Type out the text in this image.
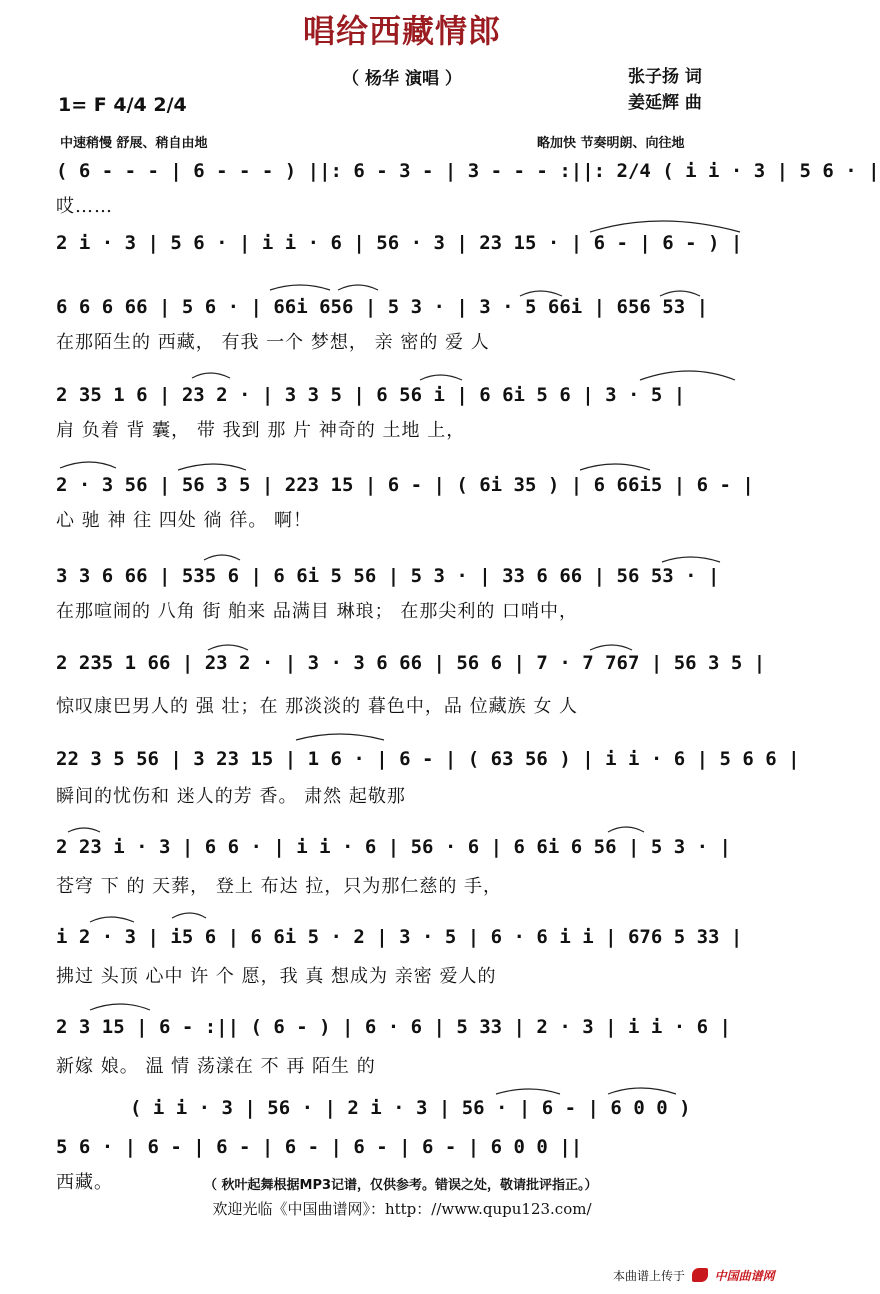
唱给西藏情郎
（ 杨华 演唱 ）	张子扬 词
姜延辉 曲
1= F 4/4 2/4
中速稍慢 舒展、稍自由地	略加快 节奏明朗、向往地
( 6 - - - | 6 - - - ) ||: 6 - 3 - | 3 - - - :||: 2/4 ( i i · 3 | 5 6 · |
哎……
2 i · 3 | 5 6 · | i i · 6 | 56 · 3 | 23 15 · | 6 - | 6 - ) |
6 6 6 66 | 5 6 · | 66i 656 | 5 3 · | 3 · 5 66i | 656 53 |
在那陌生的 西藏， 有我 一个 梦想， 亲 密的 爱 人
2 35 1 6 | 23 2 · | 3 3 5 | 6 56 i | 6 6i 5 6 | 3 · 5 |
肩 负着 背 囊， 带 我到 那 片 神奇的 土地 上，
2 · 3 56 | 56 3 5 | 223 15 | 6 - | ( 6i 35 ) | 6 66i5 | 6 - |
心 驰 神 往 四处 徜 徉。 啊！
3 3 6 66 | 535 6 | 6 6i 5 56 | 5 3 · | 33 6 66 | 56 53 · |
在那喧闹的 八角 街 舶来 品满目 琳琅； 在那尖利的 口哨中，
2 235 1 66 | 23 2 · | 3 · 3 6 66 | 56 6 | 7 · 7 767 | 56 3 5 |
惊叹康巴男人的 强 壮；在 那淡淡的 暮色中，品 位藏族 女 人
22 3 5 56 | 3 23 15 | 1 6 · | 6 - | ( 63 56 ) | i i · 6 | 5 6 6 |
瞬间的忧伤和 迷人的芳 香。 肃然 起敬那
2 23 i · 3 | 6 6 · | i i · 6 | 56 · 6 | 6 6i 6 56 | 5 3 · |
苍穹 下 的 天葬， 登上 布达 拉，只为那仁慈的 手，
i 2 · 3 | i5 6 | 6 6i 5 · 2 | 3 · 5 | 6 · 6 i i | 676 5 33 |
拂过 头顶 心中 许 个 愿，我 真 想成为 亲密 爱人的
2 3 15 | 6 - :|| ( 6 - ) | 6 · 6 | 5 33 | 2 · 3 | i i · 6 |
新嫁 娘。 温 情 荡漾在 不 再 陌生 的
( i i · 3 | 56 · | 2 i · 3 | 56 · | 6 - | 6 0 0 )
5 6 · | 6 - | 6 - | 6 - | 6 - | 6 - | 6 0 0 ||
西藏。	（ 秋叶起舞根据MP3记谱，仅供参考。错误之处，敬请批评指正。）
欢迎光临《中国曲谱网》：http：//www.qupu123.com/
本曲谱上传于 中国曲谱网
